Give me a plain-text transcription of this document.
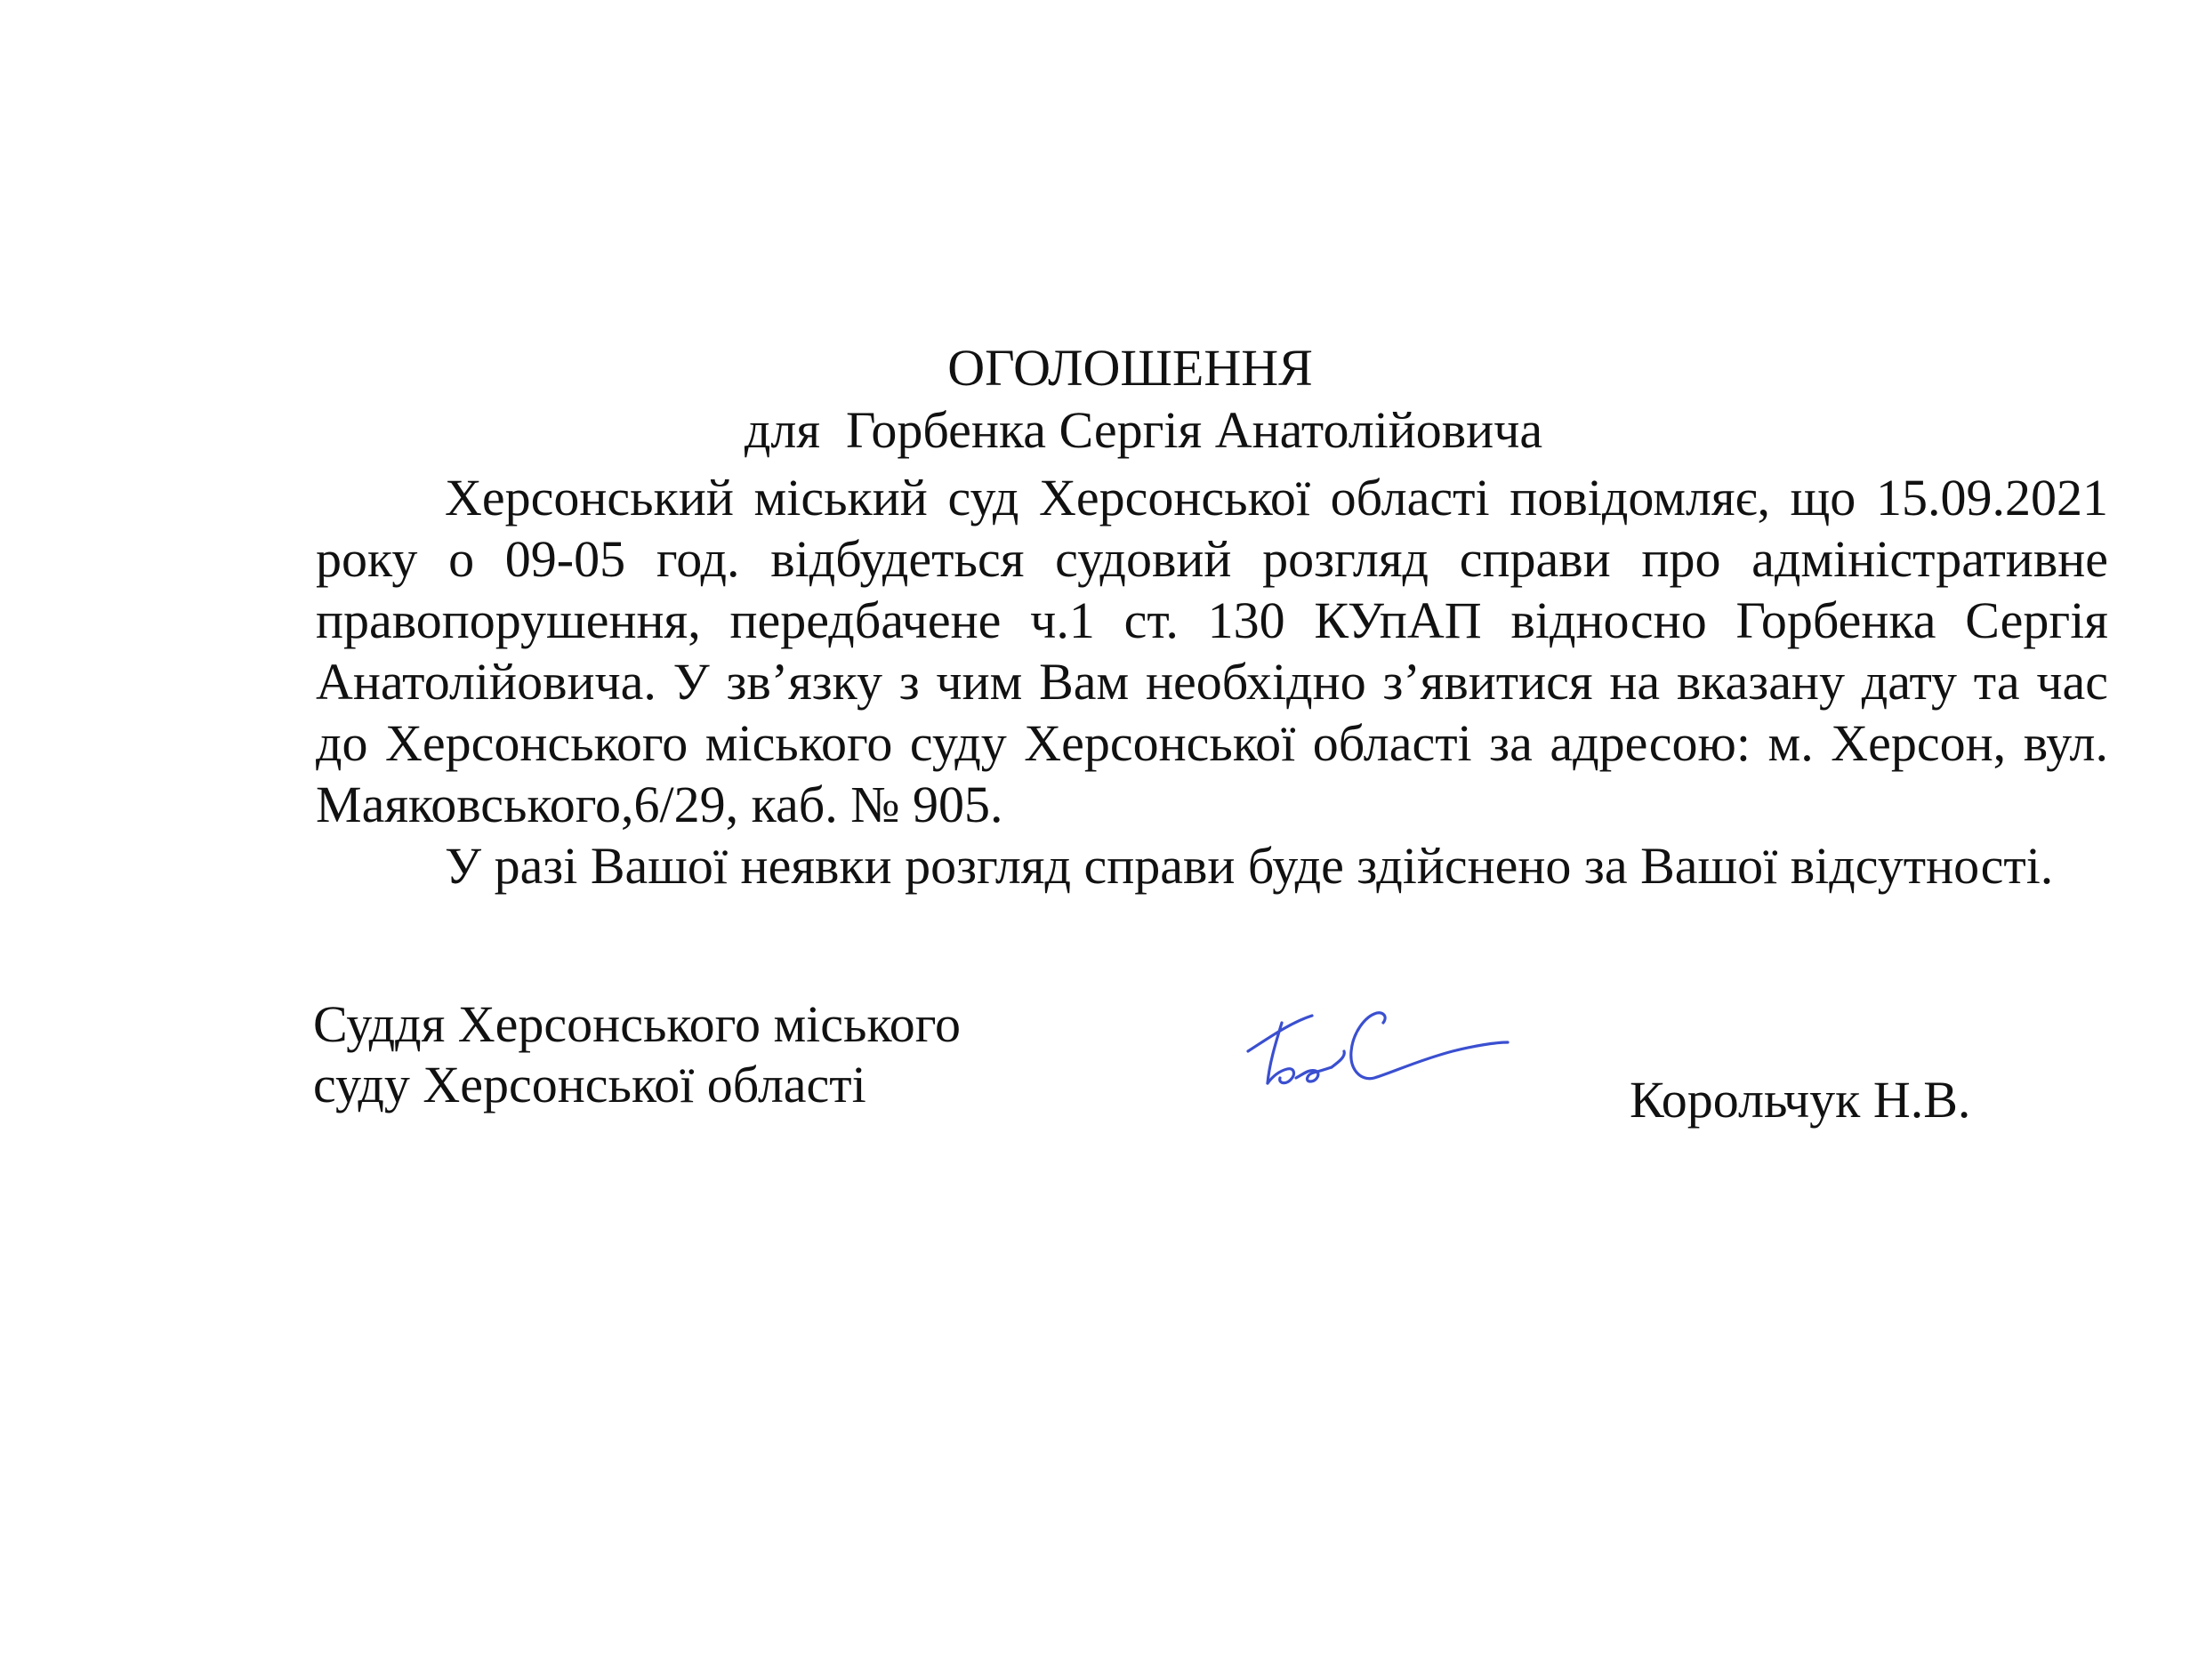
ОГОЛОШЕННЯ
для  Горбенка Сергія Анатолійовича

Херсонський міський суд Херсонської області повідомляє, що 15.09.2021 року о 09-05 год. відбудеться судовий розгляд справи про адміністративне правопорушення, передбачене ч.1 ст. 130 КУпАП відносно Горбенка Сергія Анатолійовича. У зв’язку з чим Вам необхідно з’явитися на вказану дату та час до Херсонського міського суду Херсонської області за адресою: м. Херсон, вул. Маяковського,6/29, каб. № 905.

У разі Вашої неявки розгляд справи буде здійснено за Вашої відсутності.

Суддя Херсонського міського
суду Херсонської області	Корольчук Н.В.
